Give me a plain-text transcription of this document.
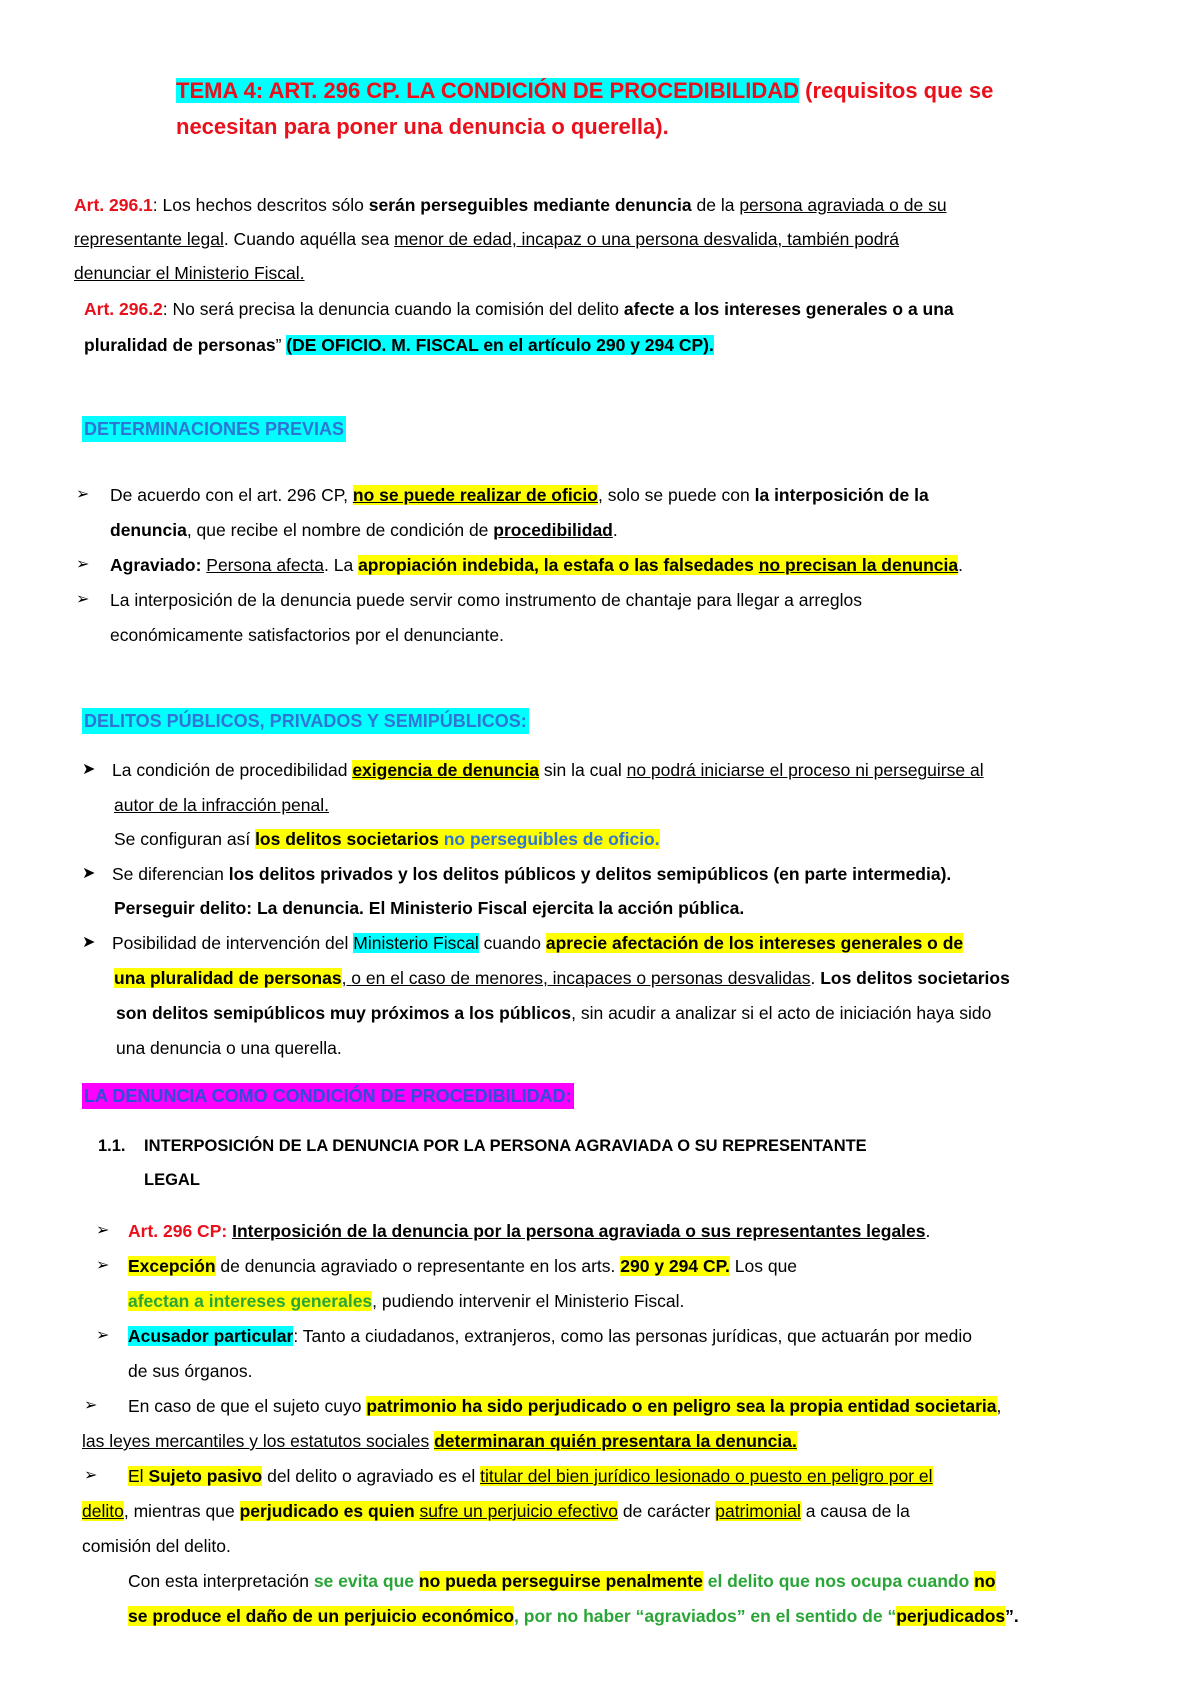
TEMA 4: ART. 296 CP. LA CONDICIÓN DE PROCEDIBILIDAD (requisitos que se
necesitan para poner una denuncia o querella).
Art. 296.1: Los hechos descritos sólo serán perseguibles mediante denuncia de la persona agraviada o de su
representante legal. Cuando aquélla sea menor de edad, incapaz o una persona desvalida, también podrá
denunciar el Ministerio Fiscal.
Art. 296.2: No será precisa la denuncia cuando la comisión del delito afecte a los intereses generales o a una
pluralidad de personas” (DE OFICIO. M. FISCAL en el artículo 290 y 294 CP).
DETERMINACIONES PREVIAS
➢ De acuerdo con el art. 296 CP, no se puede realizar de oficio, solo se puede con la interposición de la
denuncia, que recibe el nombre de condición de procedibilidad.
➢ Agraviado: Persona afecta. La apropiación indebida, la estafa o las falsedades no precisan la denuncia.
➢ La interposición de la denuncia puede servir como instrumento de chantaje para llegar a arreglos
económicamente satisfactorios por el denunciante.
DELITOS PÚBLICOS, PRIVADOS Y SEMIPÚBLICOS:
➤ La condición de procedibilidad exigencia de denuncia sin la cual no podrá iniciarse el proceso ni perseguirse al
autor de la infracción penal.
Se configuran así los delitos societarios no perseguibles de oficio.
➤ Se diferencian los delitos privados y los delitos públicos y delitos semipúblicos (en parte intermedia).
Perseguir delito: La denuncia. El Ministerio Fiscal ejercita la acción pública.
➤ Posibilidad de intervención del Ministerio Fiscal cuando aprecie afectación de los intereses generales o de
una pluralidad de personas, o en el caso de menores, incapaces o personas desvalidas. Los delitos societarios
son delitos semipúblicos muy próximos a los públicos, sin acudir a analizar si el acto de iniciación haya sido
una denuncia o una querella.
LA DENUNCIA COMO CONDICIÓN DE PROCEDIBILIDAD:
1.1. INTERPOSICIÓN DE LA DENUNCIA POR LA PERSONA AGRAVIADA O SU REPRESENTANTE
LEGAL
➢ Art. 296 CP: Interposición de la denuncia por la persona agraviada o sus representantes legales.
➢ Excepción de denuncia agraviado o representante en los arts. 290 y 294 CP. Los que
afectan a intereses generales, pudiendo intervenir el Ministerio Fiscal.
➢ Acusador particular: Tanto a ciudadanos, extranjeros, como las personas jurídicas, que actuarán por medio
de sus órganos.
➢ En caso de que el sujeto cuyo patrimonio ha sido perjudicado o en peligro sea la propia entidad societaria,
las leyes mercantiles y los estatutos sociales determinaran quién presentara la denuncia.
➢ El Sujeto pasivo del delito o agraviado es el titular del bien jurídico lesionado o puesto en peligro por el
delito, mientras que perjudicado es quien sufre un perjuicio efectivo de carácter patrimonial a causa de la
comisión del delito.
Con esta interpretación se evita que no pueda perseguirse penalmente el delito que nos ocupa cuando no
se produce el daño de un perjuicio económico, por no haber “agraviados” en el sentido de “perjudicados”.
